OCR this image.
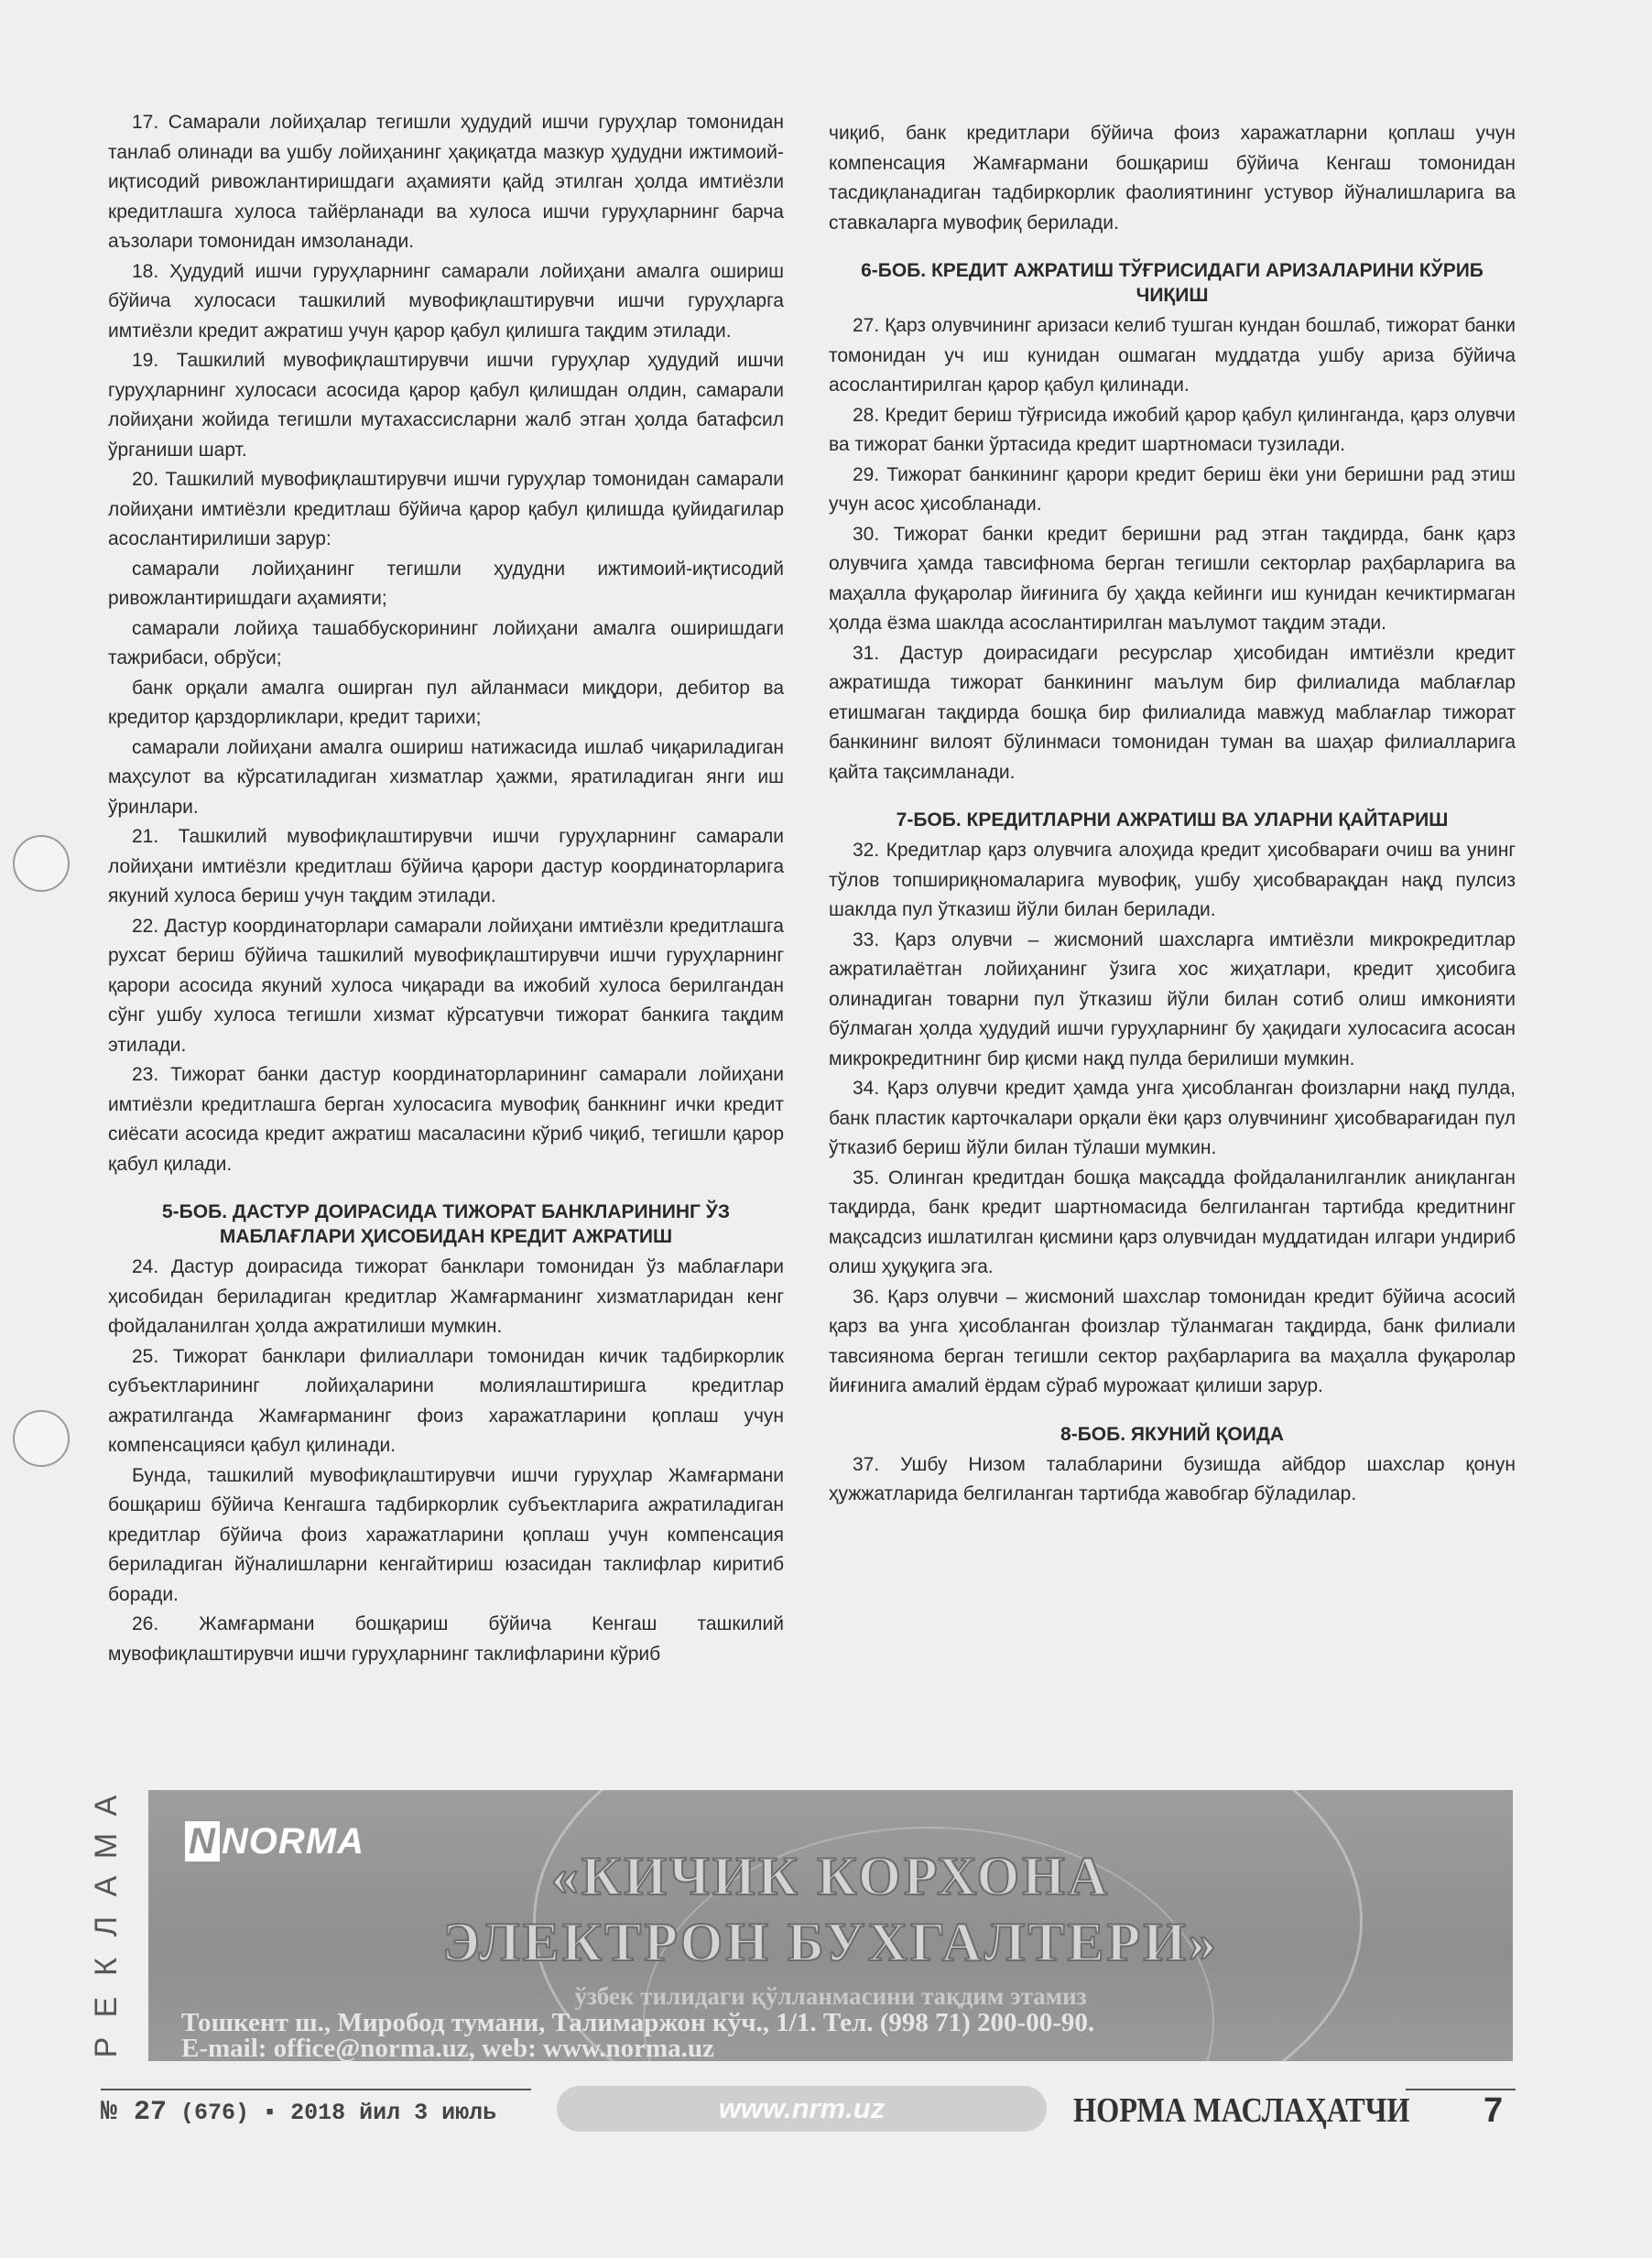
17. Самарали лойиҳалар тегишли ҳудудий ишчи гуруҳлар томонидан танлаб олинади ва ушбу лойиҳанинг ҳақиқатда мазкур ҳудудни ижтимоий-иқтисодий ривожлантиришдаги аҳамияти қайд этилган ҳолда имтиёзли кредитлашга хулоса тайёрланади ва хулоса ишчи гуруҳларнинг барча аъзолари томонидан имзоланади.

18. Ҳудудий ишчи гуруҳларнинг самарали лойиҳани амалга ошириш бўйича хулосаси ташкилий мувофиқлаштирувчи ишчи гуруҳларга имтиёзли кредит ажратиш учун қарор қабул қилишга тақдим этилади.

19. Ташкилий мувофиқлаштирувчи ишчи гуруҳлар ҳудудий ишчи гуруҳларнинг хулосаси асосида қарор қабул қилишдан олдин, самарали лойиҳани жойида тегишли мутахассисларни жалб этган ҳолда батафсил ўрганиши шарт.

20. Ташкилий мувофиқлаштирувчи ишчи гуруҳлар томонидан самарали лойиҳани имтиёзли кредитлаш бўйича қарор қабул қилишда қуйидагилар асослантирилиши зарур:

самарали лойиҳанинг тегишли ҳудудни ижтимоий-иқтисодий ривожлантиришдаги аҳамияти;

самарали лойиҳа ташаббускорининг лойиҳани амалга оширишдаги тажрибаси, обрўси;

банк орқали амалга оширган пул айланмаси миқдори, дебитор ва кредитор қарздорликлари, кредит тарихи;

самарали лойиҳани амалга ошириш натижасида ишлаб чиқариладиган маҳсулот ва кўрсатиладиган хизматлар ҳажми, яратиладиган янги иш ўринлари.

21. Ташкилий мувофиқлаштирувчи ишчи гуруҳларнинг самарали лойиҳани имтиёзли кредитлаш бўйича қарори дастур координаторларига якуний хулоса бериш учун тақдим этилади.

22. Дастур координаторлари самарали лойиҳани имтиёзли кредитлашга рухсат бериш бўйича ташкилий мувофиқлаштирувчи ишчи гуруҳларнинг қарори асосида якуний хулоса чиқаради ва ижобий хулоса берилгандан сўнг ушбу хулоса тегишли хизмат кўрсатувчи тижорат банкига тақдим этилади.

23. Тижорат банки дастур координаторларининг самарали лойиҳани имтиёзли кредитлашга берган хулосасига мувофиқ банкнинг ички кредит сиёсати асосида кредит ажратиш масаласини кўриб чиқиб, тегишли қарор қабул қилади.

5-БОБ. ДАСТУР ДОИРАСИДА ТИЖОРАТ БАНКЛАРИНИНГ ЎЗ МАБЛАҒЛАРИ ҲИСОБИДАН КРЕДИТ АЖРАТИШ

24. Дастур доирасида тижорат банклари томонидан ўз маблағлари ҳисобидан бериладиган кредитлар Жамғарманинг хизматларидан кенг фойдаланилган ҳолда ажратилиши мумкин.

25. Тижорат банклари филиаллари томонидан кичик тадбиркорлик субъектларининг лойиҳаларини молиялаштиришга кредитлар ажратилганда Жамғарманинг фоиз харажатларини қоплаш учун компенсацияси қабул қилинади.

Бунда, ташкилий мувофиқлаштирувчи ишчи гуруҳлар Жамғармани бошқариш бўйича Кенгашга тадбиркорлик субъектларига ажратиладиган кредитлар бўйича фоиз харажатларини қоплаш учун компенсация бериладиган йўналишларни кенгайтириш юзасидан таклифлар киритиб боради.

26. Жамғармани бошқариш бўйича Кенгаш ташкилий мувофиқлаштирувчи ишчи гуруҳларнинг таклифларини кўриб

чиқиб, банк кредитлари бўйича фоиз харажатларни қоплаш учун компенсация Жамғармани бошқариш бўйича Кенгаш томонидан тасдиқланадиган тадбиркорлик фаолиятининг устувор йўналишларига ва ставкаларга мувофиқ берилади.

6-БОБ. КРЕДИТ АЖРАТИШ ТЎҒРИСИДАГИ АРИЗАЛАРИНИ КЎРИБ ЧИҚИШ

27. Қарз олувчининг аризаси келиб тушган кундан бошлаб, тижорат банки томонидан уч иш кунидан ошмаган муддатда ушбу ариза бўйича асослантирилган қарор қабул қилинади.

28. Кредит бериш тўғрисида ижобий қарор қабул қилинганда, қарз олувчи ва тижорат банки ўртасида кредит шартномаси тузилади.

29. Тижорат банкининг қарори кредит бериш ёки уни беришни рад этиш учун асос ҳисобланади.

30. Тижорат банки кредит беришни рад этган тақдирда, банк қарз олувчига ҳамда тавсифнома берган тегишли секторлар раҳбарларига ва маҳалла фуқаролар йиғинига бу ҳақда кейинги иш кунидан кечиктирмаган ҳолда ёзма шаклда асослантирилган маълумот тақдим этади.

31. Дастур доирасидаги ресурслар ҳисобидан имтиёзли кредит ажратишда тижорат банкининг маълум бир филиалида маблағлар етишмаган тақдирда бошқа бир филиалида мавжуд маблағлар тижорат банкининг вилоят бўлинмаси томонидан туман ва шаҳар филиалларига қайта тақсимланади.

7-БОБ. КРЕДИТЛАРНИ АЖРАТИШ ВА УЛАРНИ ҚАЙТАРИШ

32. Кредитлар қарз олувчига алоҳида кредит ҳисобварағи очиш ва унинг тўлов топшириқномаларига мувофиқ, ушбу ҳисобварақдан нақд пулсиз шаклда пул ўтказиш йўли билан берилади.

33. Қарз олувчи – жисмоний шахсларга имтиёзли микрокредитлар ажратилаётган лойиҳанинг ўзига хос жиҳатлари, кредит ҳисобига олинадиган товарни пул ўтказиш йўли билан сотиб олиш имконияти бўлмаган ҳолда ҳудудий ишчи гуруҳларнинг бу ҳақидаги хулосасига асосан микрокредитнинг бир қисми нақд пулда берилиши мумкин.

34. Қарз олувчи кредит ҳамда унга ҳисобланган фоизларни нақд пулда, банк пластик карточкалари орқали ёки қарз олувчининг ҳисобварағидан пул ўтказиб бериш йўли билан тўлаши мумкин.

35. Олинган кредитдан бошқа мақсадда фойдаланилганлик аниқланган тақдирда, банк кредит шартномасида белгиланган тартибда кредитнинг мақсадсиз ишлатилган қисмини қарз олувчидан муддатидан илгари ундириб олиш ҳуқуқига эга.

36. Қарз олувчи – жисмоний шахслар томонидан кредит бўйича асосий қарз ва унга ҳисобланган фоизлар тўланмаган тақдирда, банк филиали тавсиянома берган тегишли сектор раҳбарларига ва маҳалла фуқаролар йиғинига амалий ёрдам сўраб мурожаат қилиши зарур.

8-БОБ. ЯКУНИЙ ҚОИДА

37. Ушбу Низом талабларини бузишда айбдор шахслар қонун ҳужжатларида белгиланган тартибда жавобгар бўладилар.

А
М
А
Л
К
Е
Р
N NORMA
«КИЧИК КОРХОНА
ЭЛЕКТРОН БУХГАЛТЕРИ»
ўзбек тилидаги қўлланмасини тақдим этамиз
Тошкент ш., Миробод тумани, Талимаржон кўч., 1/1. Тел. (998 71) 200-00-90.
E-mail: office@norma.uz, web: www.norma.uz
№ 27 (676) ▪ 2018 йил 3 июль	www.nrm.uz	НОРМА МАСЛАҲАТЧИ 7
